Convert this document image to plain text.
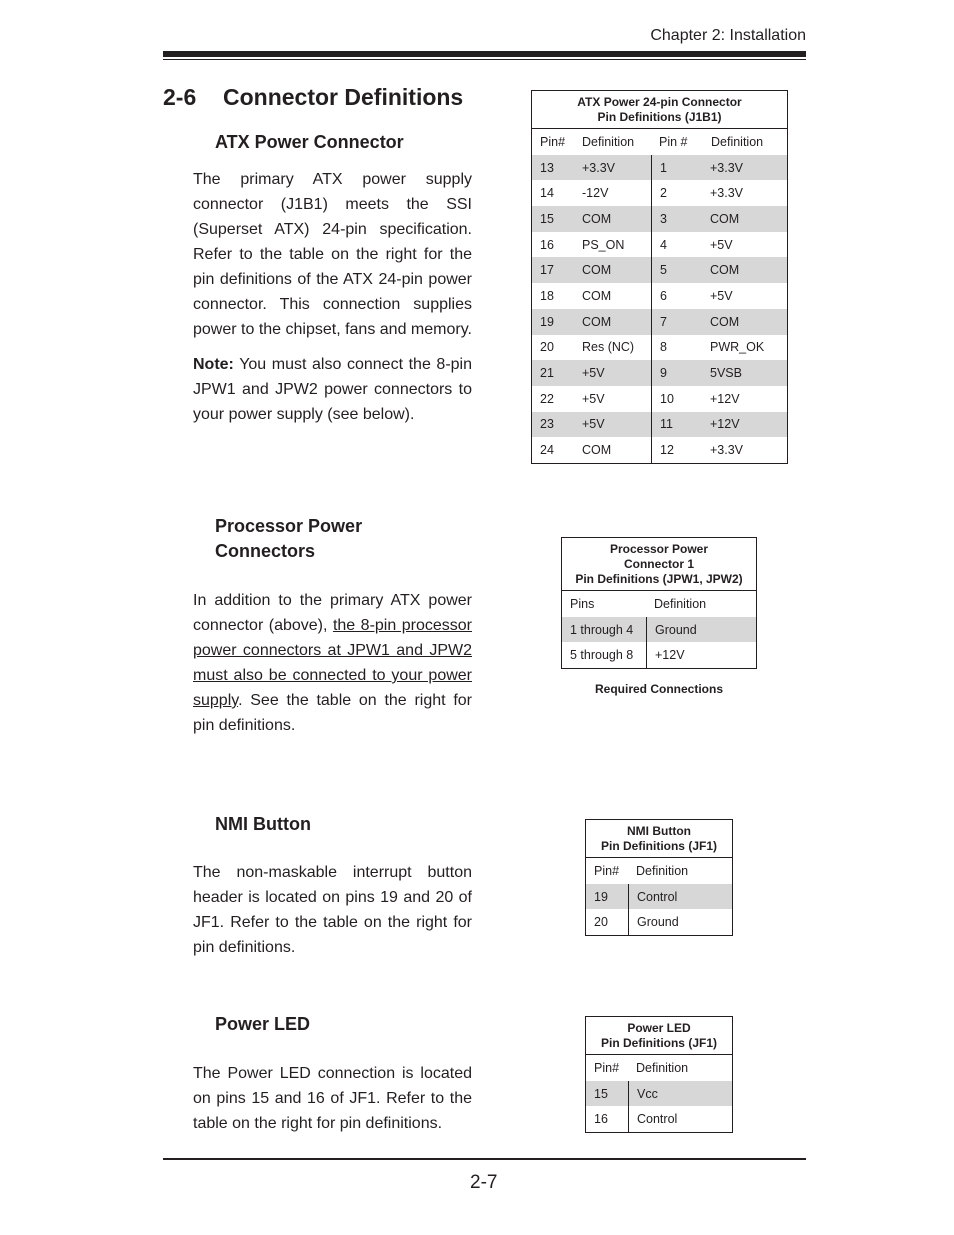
Chapter 2: Installation
2-6 Connector Definitions
ATX Power Connector
The primary ATX power supply connector (J1B1) meets the SSI (Superset ATX) 24-pin specification. Refer to the table on the right for the pin definitions of the ATX 24-pin power connector. This connection supplies power to the chipset, fans and memory.
Note: You must also connect the 8-pin JPW1 and JPW2 power connectors to your power supply (see below).
ATX Power 24-pin Connector
Pin Definitions (J1B1)
Pin#	Definition	Pin #	Definition
13	+3.3V	1	+3.3V
14	-12V	2	+3.3V
15	COM	3	COM
16	PS_ON	4	+5V
17	COM	5	COM
18	COM	6	+5V
19	COM	7	COM
20	Res (NC)	8	PWR_OK
21	+5V	9	5VSB
22	+5V	10	+12V
23	+5V	11	+12V
24	COM	12	+3.3V
Processor Power
Connectors
In addition to the primary ATX power connector (above), the 8-pin processor power connectors at JPW1 and JPW2 must also be connected to your power supply. See the table on the right for pin definitions.
Processor Power
Connector 1
Pin Definitions (JPW1, JPW2)
Pins	Definition
1 through 4	Ground
5 through 8	+12V
Required Connections
NMI Button
The non-maskable interrupt button header is located on pins 19 and 20 of JF1. Refer to the table on the right for pin definitions.
NMI Button
Pin Definitions (JF1)
Pin#	Definition
19	Control
20	Ground
Power LED
The Power LED connection is located on pins 15 and 16 of JF1. Refer to the table on the right for pin definitions.
Power LED
Pin Definitions (JF1)
Pin#	Definition
15	Vcc
16	Control
2-7
